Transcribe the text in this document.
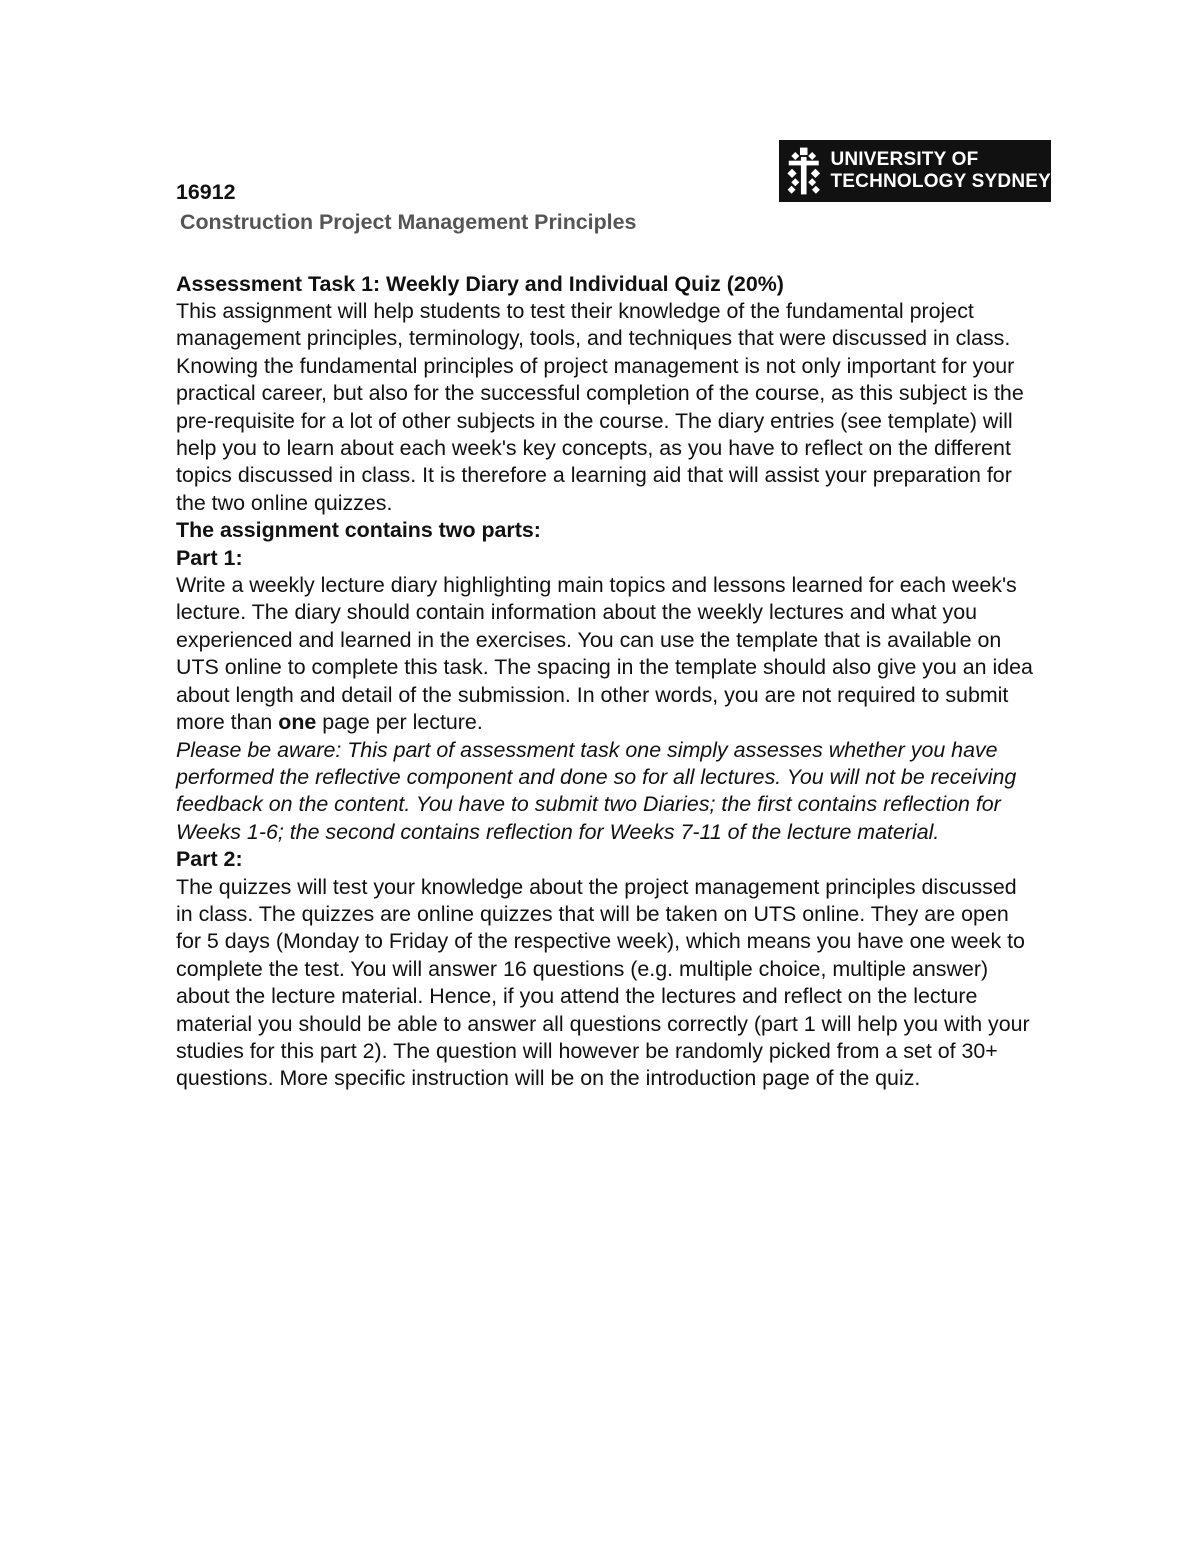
UNIVERSITY OF
TECHNOLOGY SYDNEY
16912
Construction Project Management Principles
Assessment Task 1: Weekly Diary and Individual Quiz (20%)

This assignment will help students to test their knowledge of the fundamental project management principles, terminology, tools, and techniques that were discussed in class. Knowing the fundamental principles of project management is not only important for your practical career, but also for the successful completion of the course, as this subject is the pre-requisite for a lot of other subjects in the course. The diary entries (see template) will help you to learn about each week's key concepts, as you have to reflect on the different topics discussed in class. It is therefore a learning aid that will assist your preparation for the two online quizzes.

The assignment contains two parts:

Part 1:

Write a weekly lecture diary highlighting main topics and lessons learned for each week's lecture. The diary should contain information about the weekly lectures and what you experienced and learned in the exercises. You can use the template that is available on UTS online to complete this task. The spacing in the template should also give you an idea about length and detail of the submission. In other words, you are not required to submit more than one page per lecture.

Please be aware: This part of assessment task one simply assesses whether you have performed the reflective component and done so for all lectures. You will not be receiving feedback on the content. You have to submit two Diaries; the first contains reflection for Weeks 1-6; the second contains reflection for Weeks 7-11 of the lecture material.

Part 2:

The quizzes will test your knowledge about the project management principles discussed in class. The quizzes are online quizzes that will be taken on UTS online. They are open for 5 days (Monday to Friday of the respective week), which means you have one week to complete the test. You will answer 16 questions (e.g. multiple choice, multiple answer) about the lecture material. Hence, if you attend the lectures and reflect on the lecture material you should be able to answer all questions correctly (part 1 will help you with your studies for this part 2). The question will however be randomly picked from a set of 30+ questions. More specific instruction will be on the introduction page of the quiz.
